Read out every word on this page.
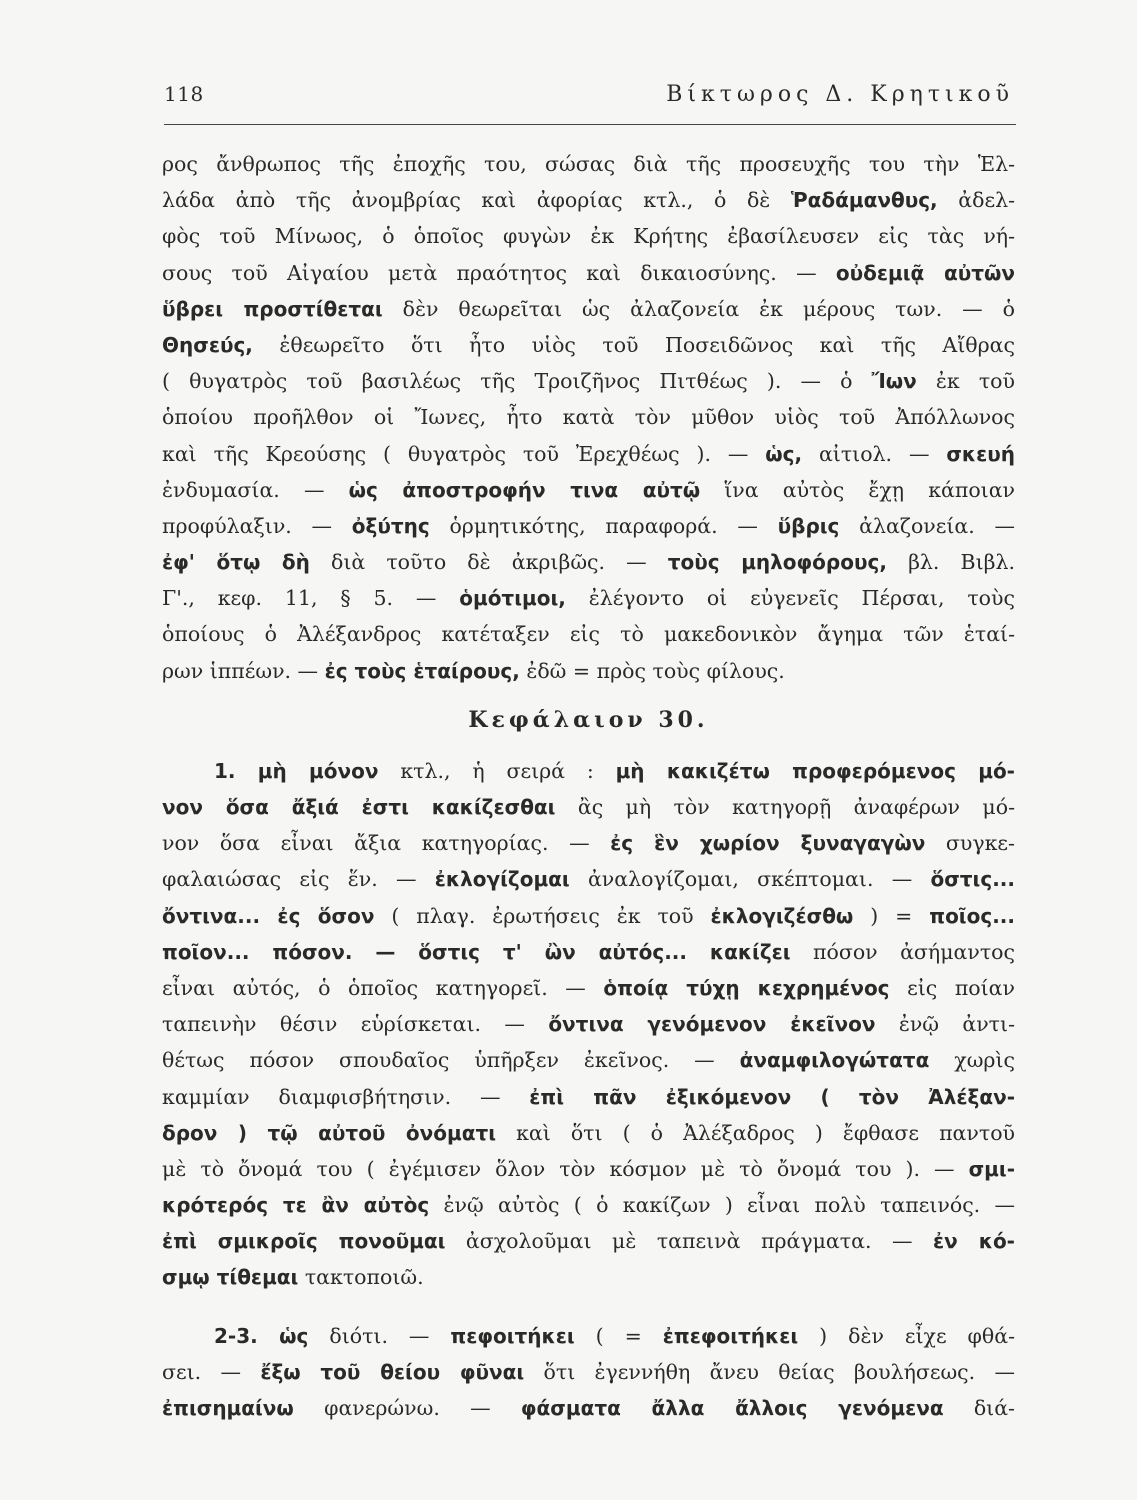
118	Βίκτωρος Δ. Κρητικοῦ
ρος ἄνθρωπος τῆς ἐποχῆς του, σώσας διὰ τῆς προσευχῆς του τὴν Ἑλ-
λάδα ἀπὸ τῆς ἀνομβρίας καὶ ἀφορίας κτλ., ὁ δὲ Ῥαδάμανθυς, ἀδελ-
φὸς τοῦ Μίνωος, ὁ ὁποῖος φυγὼν ἐκ Κρήτης ἐβασίλευσεν εἰς τὰς νή-
σους τοῦ Αἰγαίου μετὰ πραότητος καὶ δικαιοσύνης. — οὐδεμιᾷ αὐτῶν
ὕβρει προστίθεται δὲν θεωρεῖται ὡς ἀλαζονεία ἐκ μέρους των. — ὁ
Θησεύς, ἐθεωρεῖτο ὅτι ἦτο υἱὸς τοῦ Ποσειδῶνος καὶ τῆς Αἴθρας
( θυγατρὸς τοῦ βασιλέως τῆς Τροιζῆνος Πιτθέως ). — ὁ Ἴων ἐκ τοῦ
ὁποίου προῆλθον οἱ Ἴωνες, ἦτο κατὰ τὸν μῦθον υἱὸς τοῦ Ἀπόλλωνος
καὶ τῆς Κρεούσης ( θυγατρὸς τοῦ Ἐρεχθέως ). — ὡς, αἰτιολ. — σκευή
ἐνδυμασία. — ὡς ἀποστροφήν τινα αὐτῷ ἵνα αὐτὸς ἔχῃ κάποιαν
προφύλαξιν. — ὀξύτης ὁρμητικότης, παραφορά. — ὕβρις ἀλαζονεία. —
ἐφ' ὅτῳ δὴ διὰ τοῦτο δὲ ἀκριβῶς. — τοὺς μηλοφόρους, βλ. Βιβλ.
Γ'., κεφ. 11, § 5. — ὁμότιμοι, ἐλέγοντο οἱ εὐγενεῖς Πέρσαι, τοὺς
ὁποίους ὁ Ἀλέξανδρος κατέταξεν εἰς τὸ μακεδονικὸν ἄγημα τῶν ἑταί-
ρων ἱππέων. — ἐς τοὺς ἑταίρους, ἐδῶ = πρὸς τοὺς φίλους.
Κεφάλαιον 30.
1. μὴ μόνον κτλ., ἡ σειρά : μὴ κακιζέτω προφερόμενος μό-
νον ὅσα ἄξιά ἐστι κακίζεσθαι ἂς μὴ τὸν κατηγορῇ ἀναφέρων μό-
νον ὅσα εἶναι ἄξια κατηγορίας. — ἐς ἓν χωρίον ξυναγαγὼν συγκε-
φαλαιώσας εἰς ἕν. — ἐκλογίζομαι ἀναλογίζομαι, σκέπτομαι. — ὅστις...
ὄντινα... ἐς ὅσον ( πλαγ. ἐρωτήσεις ἐκ τοῦ ἐκλογιζέσθω ) = ποῖος...
ποῖον... πόσον. — ὅστις τ' ὢν αὐτός... κακίζει πόσον ἀσήμαντος
εἶναι αὐτός, ὁ ὁποῖος κατηγορεῖ. — ὁποίᾳ τύχῃ κεχρημένος εἰς ποίαν
ταπεινὴν θέσιν εὑρίσκεται. — ὄντινα γενόμενον ἐκεῖνον ἐνῷ ἀντι-
θέτως πόσον σπουδαῖος ὑπῆρξεν ἐκεῖνος. — ἀναμφιλογώτατα χωρὶς
καμμίαν διαμφισβήτησιν. — ἐπὶ πᾶν ἐξικόμενον ( τὸν Ἀλέξαν-
δρον ) τῷ αὐτοῦ ὀνόματι καὶ ὅτι ( ὁ Ἀλέξαδρος ) ἔφθασε παντοῦ
μὲ τὸ ὄνομά του ( ἐγέμισεν ὅλον τὸν κόσμον μὲ τὸ ὄνομά του ). — σμι-
κρότερός τε ἂν αὐτὸς ἐνῷ αὐτὸς ( ὁ κακίζων ) εἶναι πολὺ ταπεινός. —
ἐπὶ σμικροῖς πονοῦμαι ἀσχολοῦμαι μὲ ταπεινὰ πράγματα. — ἐν κό-
σμῳ τίθεμαι τακτοποιῶ.
2-3. ὡς διότι. — πεφοιτήκει ( = ἐπεφοιτήκει ) δὲν εἶχε φθά-
σει. — ἔξω τοῦ θείου φῦναι ὅτι ἐγεννήθη ἄνευ θείας βουλήσεως. —
ἐπισημαίνω φανερώνω. — φάσματα ἄλλα ἄλλοις γενόμενα διά-
